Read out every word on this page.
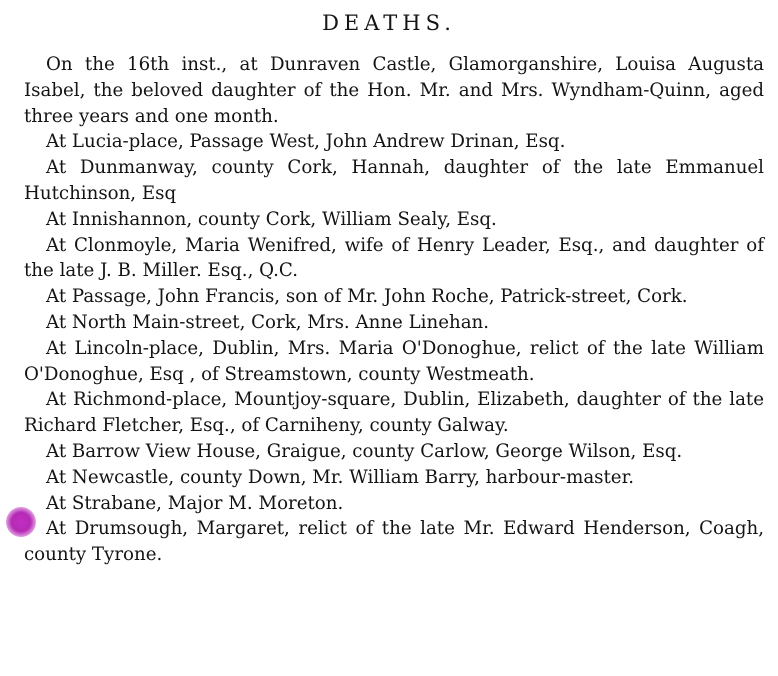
DEATHS.

On the 16th inst., at Dunraven Castle, Glamorganshire, Louisa Augusta Isabel, the beloved daughter of the Hon. Mr. and Mrs. Wyndham-Quinn, aged three years and one month.

At Lucia-place, Passage West, John Andrew Drinan, Esq.

At Dunmanway, county Cork, Hannah, daughter of the late Emmanuel Hutchinson, Esq

At Innishannon, county Cork, William Sealy, Esq.

At Clonmoyle, Maria Wenifred, wife of Henry Leader, Esq., and daughter of the late J. B. Miller. Esq., Q.C.

At Passage, John Francis, son of Mr. John Roche, Patrick-street, Cork.

At North Main-street, Cork, Mrs. Anne Linehan.

At Lincoln-place, Dublin, Mrs. Maria O'Donoghue, relict of the late William O'Donoghue, Esq , of Streamstown, county Westmeath.

At Richmond-place, Mountjoy-square, Dublin, Elizabeth, daughter of the late Richard Fletcher, Esq., of Carniheny, county Galway.

At Barrow View House, Graigue, county Carlow, George Wilson, Esq.

At Newcastle, county Down, Mr. William Barry, harbour-master.

At Strabane, Major M. Moreton.

At Drumsough, Margaret, relict of the late Mr. Edward Henderson, Coagh, county Tyrone.
